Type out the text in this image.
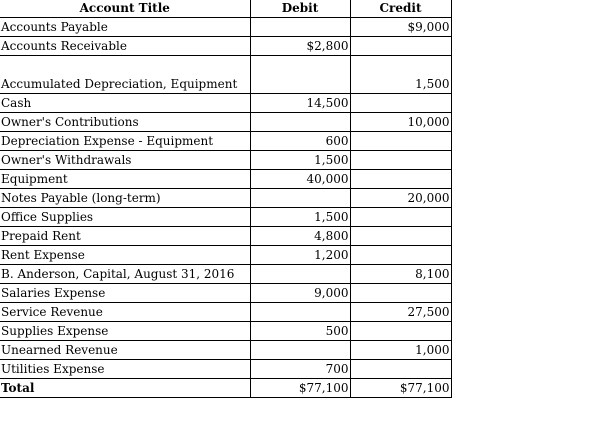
Account Title	Debit	Credit
Accounts Payable		$9,000
Accounts Receivable	$2,800	
Accumulated Depreciation, Equipment		1,500
Cash	14,500	
Owner's Contributions		10,000
Depreciation Expense - Equipment	600	
Owner's Withdrawals	1,500	
Equipment	40,000	
Notes Payable (long-term)		20,000
Office Supplies	1,500	
Prepaid Rent	4,800	
Rent Expense	1,200	
B. Anderson, Capital, August 31, 2016		8,100
Salaries Expense	9,000	
Service Revenue		27,500
Supplies Expense	500	
Unearned Revenue		1,000
Utilities Expense	700	
Total	$77,100	$77,100
